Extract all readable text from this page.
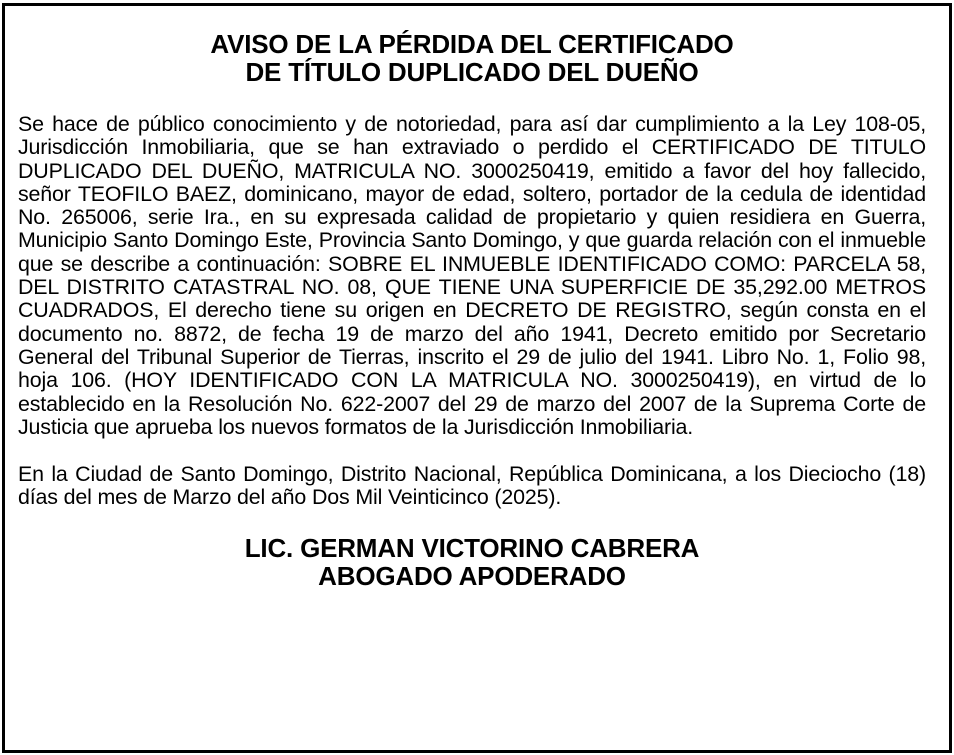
AVISO DE LA PÉRDIDA DEL CERTIFICADO
DE TÍTULO DUPLICADO DEL DUEÑO

Se hace de público conocimiento y de notoriedad, para así dar cumplimiento a la Ley 108-05, Jurisdicción Inmobiliaria, que se han extraviado o perdido el CERTIFICADO DE TITULO DUPLICADO DEL DUEÑO, MATRICULA NO. 3000250419, emitido a favor del hoy fallecido, señor TEOFILO BAEZ, dominicano, mayor de edad, soltero, portador de la cedula de identidad No. 265006, serie Ira., en su expresada calidad de propietario y quien residiera en Guerra, Municipio Santo Domingo Este, Provincia Santo Domingo, y que guarda relación con el inmueble que se describe a continuación: SOBRE EL INMUEBLE IDENTIFICADO COMO: PARCELA 58, DEL DISTRITO CATASTRAL NO. 08, QUE TIENE UNA SUPERFICIE DE 35,292.00 METROS CUADRADOS, El derecho tiene su origen en DECRETO DE REGISTRO, según consta en el documento no. 8872, de fecha 19 de marzo del año 1941, Decreto emitido por Secretario General del Tribunal Superior de Tierras, inscrito el 29 de julio del 1941. Libro No. 1, Folio 98, hoja 106. (HOY IDENTIFICADO CON LA MATRICULA NO. 3000250419), en virtud de lo establecido en la Resolución No. 622-2007 del 29 de marzo del 2007 de la Suprema Corte de Justicia que aprueba los nuevos formatos de la Jurisdicción Inmobiliaria.

En la Ciudad de Santo Domingo, Distrito Nacional, República Dominicana, a los Dieciocho (18) días del mes de Marzo del año Dos Mil Veinticinco (2025).

LIC. GERMAN VICTORINO CABRERA
ABOGADO APODERADO
